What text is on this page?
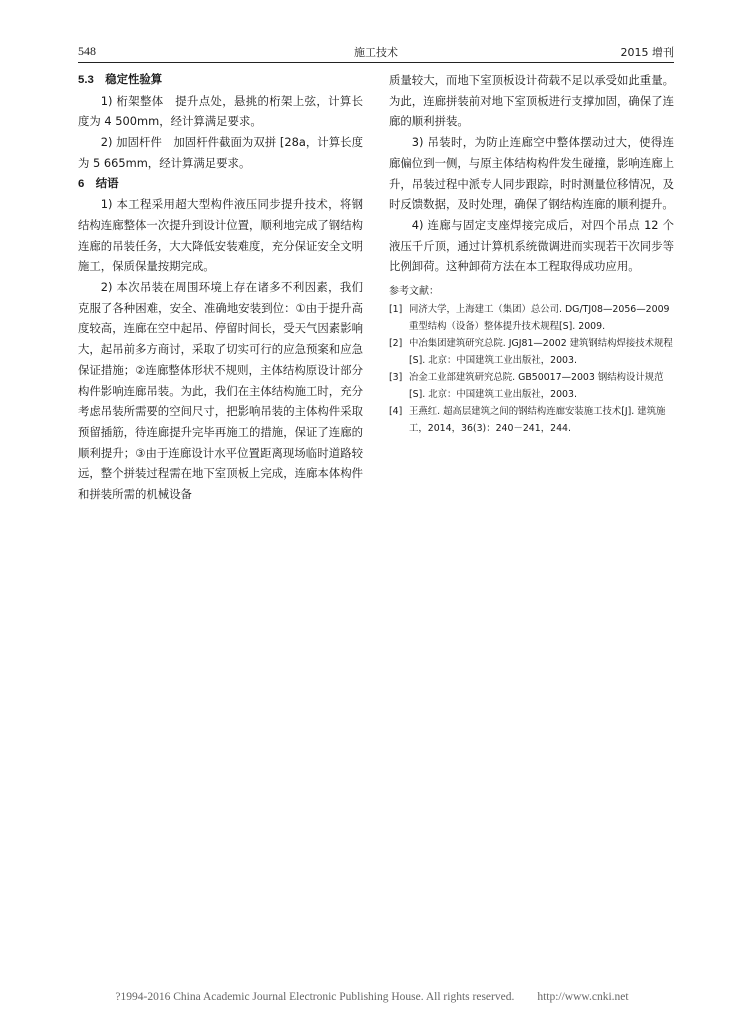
548	施工技术	2015 增刊

5.3　稳定性验算

1) 桁架整体　提升点处，悬挑的桁架上弦，计算长度为 4 500mm，经计算满足要求。

2) 加固杆件　加固杆件截面为双拼 [28a，计算长度为 5 665mm，经计算满足要求。

6　结语

1) 本工程采用超大型构件液压同步提升技术，将钢结构连廊整体一次提升到设计位置，顺利地完成了钢结构连廊的吊装任务，大大降低安装难度，充分保证安全文明施工，保质保量按期完成。

2) 本次吊装在周围环境上存在诸多不利因素，我们克服了各种困难，安全、准确地安装到位：①由于提升高度较高，连廊在空中起吊、停留时间长，受天气因素影响大，起吊前多方商讨，采取了切实可行的应急预案和应急保证措施；②连廊整体形状不规则，主体结构原设计部分构件影响连廊吊装。为此，我们在主体结构施工时，充分考虑吊装所需要的空间尺寸，把影响吊装的主体构件采取预留插筋，待连廊提升完毕再施工的措施，保证了连廊的顺利提升；③由于连廊设计水平位置距离现场临时道路较远，整个拼装过程需在地下室顶板上完成，连廊本体构件和拼装所需的机械设备

质量较大，而地下室顶板设计荷载不足以承受如此重量。为此，连廊拼装前对地下室顶板进行支撑加固，确保了连廊的顺利拼装。

3) 吊装时，为防止连廊空中整体摆动过大，使得连廊偏位到一侧，与原主体结构构件发生碰撞，影响连廊上升，吊装过程中派专人同步跟踪，时时测量位移情况，及时反馈数据，及时处理，确保了钢结构连廊的顺利提升。

4) 连廊与固定支座焊接完成后，对四个吊点 12 个液压千斤顶，通过计算机系统微调进而实现若干次同步等比例卸荷。这种卸荷方法在本工程取得成功应用。

参考文献：
[1] 同济大学，上海建工（集团）总公司. DG/TJ08—2056—2009 重型结构（设备）整体提升技术规程[S]. 2009.
[2] 中冶集团建筑研究总院. JGJ81—2002 建筑钢结构焊接技术规程[S]. 北京：中国建筑工业出版社，2003.
[3] 冶金工业部建筑研究总院. GB50017—2003 钢结构设计规范[S]. 北京：中国建筑工业出版社，2003.
[4] 王燕红. 超高层建筑之间的钢结构连廊安装施工技术[J]. 建筑施工，2014，36(3)：240－241，244.
?1994-2016 China Academic Journal Electronic Publishing House. All rights reserved.　　http://www.cnki.net
